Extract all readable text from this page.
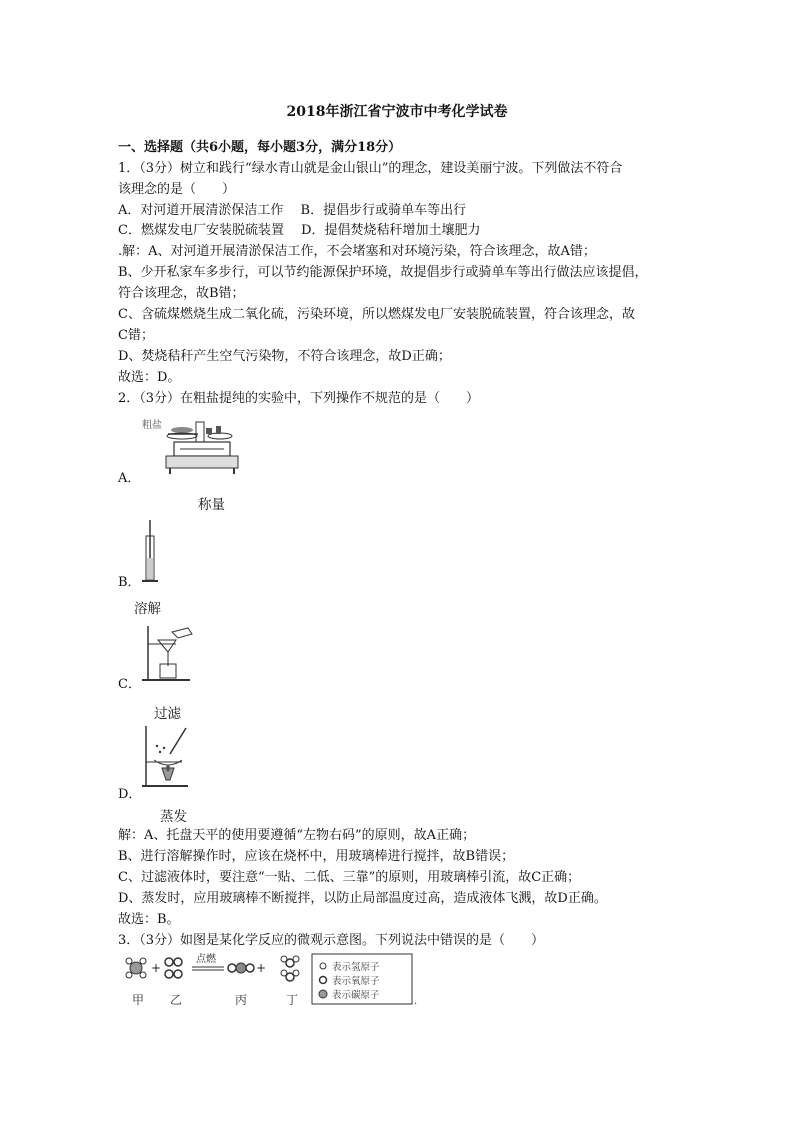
2018年浙江省宁波市中考化学试卷
一、选择题（共6小题，每小题3分，满分18分）
1．（3分）树立和践行“绿水青山就是金山银山”的理念，建设美丽宁波。下列做法不符合
该理念的是（　　）
A．对河道开展清淤保洁工作　 B．提倡步行或骑单车等出行
C．燃煤发电厂安装脱硫装置　 D．提倡焚烧秸秆增加土壤肥力
.解：A、对河道开展清淤保洁工作，不会堵塞和对环境污染，符合该理念，故A错；
B、少开私家车多步行，可以节约能源保护环境，故提倡步行或骑单车等出行做法应该提倡，
符合该理念，故B错；
C、含硫煤燃烧生成二氧化硫，污染环境，所以燃煤发电厂安装脱硫装置，符合该理念，故
C错；
D、焚烧秸秆产生空气污染物，不符合该理念，故D正确；
故选：D。
2．（3分）在粗盐提纯的实验中，下列操作不规范的是（　　）
粗盐
A．
称量
B．
溶解
C．
过滤
D．
蒸发
解：A、托盘天平的使用要遵循“左物右码”的原则，故A正确；
B、进行溶解操作时，应该在烧杯中，用玻璃棒进行搅拌，故B错误；
C、过滤液体时，要注意“一贴、二低、三靠”的原则，用玻璃棒引流，故C正确；
D、蒸发时，应用玻璃棒不断搅拌，以防止局部温度过高，造成液体飞溅，故D正确。
故选：B。
3．（3分）如图是某化学反应的微观示意图。下列说法中错误的是（　　）
+
点燃
+	表示氢原子
表示氧原子
表示碳原子
.
甲 乙	丙	丁
